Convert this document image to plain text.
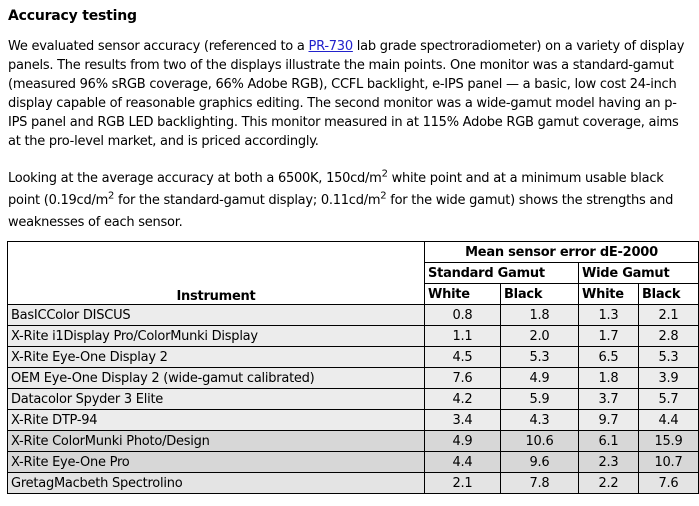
Accuracy testing

We evaluated sensor accuracy (referenced to a PR-730 lab grade spectroradiometer) on a variety of display panels. The results from two of the displays illustrate the main points. One monitor was a standard-gamut (measured 96% sRGB coverage, 66% Adobe RGB), CCFL backlight, e-IPS panel — a basic, low cost 24-inch display capable of reasonable graphics editing. The second monitor was a wide-gamut model having an p-IPS panel and RGB LED backlighting. This monitor measured in at 115% Adobe RGB gamut coverage, aims at the pro-level market, and is priced accordingly.

Looking at the average accuracy at both a 6500K, $150cd/m^2$ white point and at a minimum usable black point ($0.19cd/m^2$ for the standard-gamut display; $0.11cd/m^2$ for the wide gamut) shows the strengths and weaknesses of each sensor.

Instrument	Mean sensor error dE-2000			
	Standard Gamut		Wide Gamut	
	White	Black	White	Black
BasICColor DISCUS	0.8	1.8	1.3	2.1
X-Rite i1Display Pro/ColorMunki Display	1.1	2.0	1.7	2.8
X-Rite Eye-One Display 2	4.5	5.3	6.5	5.3
OEM Eye-One Display 2 (wide-gamut calibrated)	7.6	4.9	1.8	3.9
Datacolor Spyder 3 Elite	4.2	5.9	3.7	5.7
X-Rite DTP-94	3.4	4.3	9.7	4.4
X-Rite ColorMunki Photo/Design	4.9	10.6	6.1	15.9
X-Rite Eye-One Pro	4.4	9.6	2.3	10.7
GretagMacbeth Spectrolino	2.1	7.8	2.2	7.6
